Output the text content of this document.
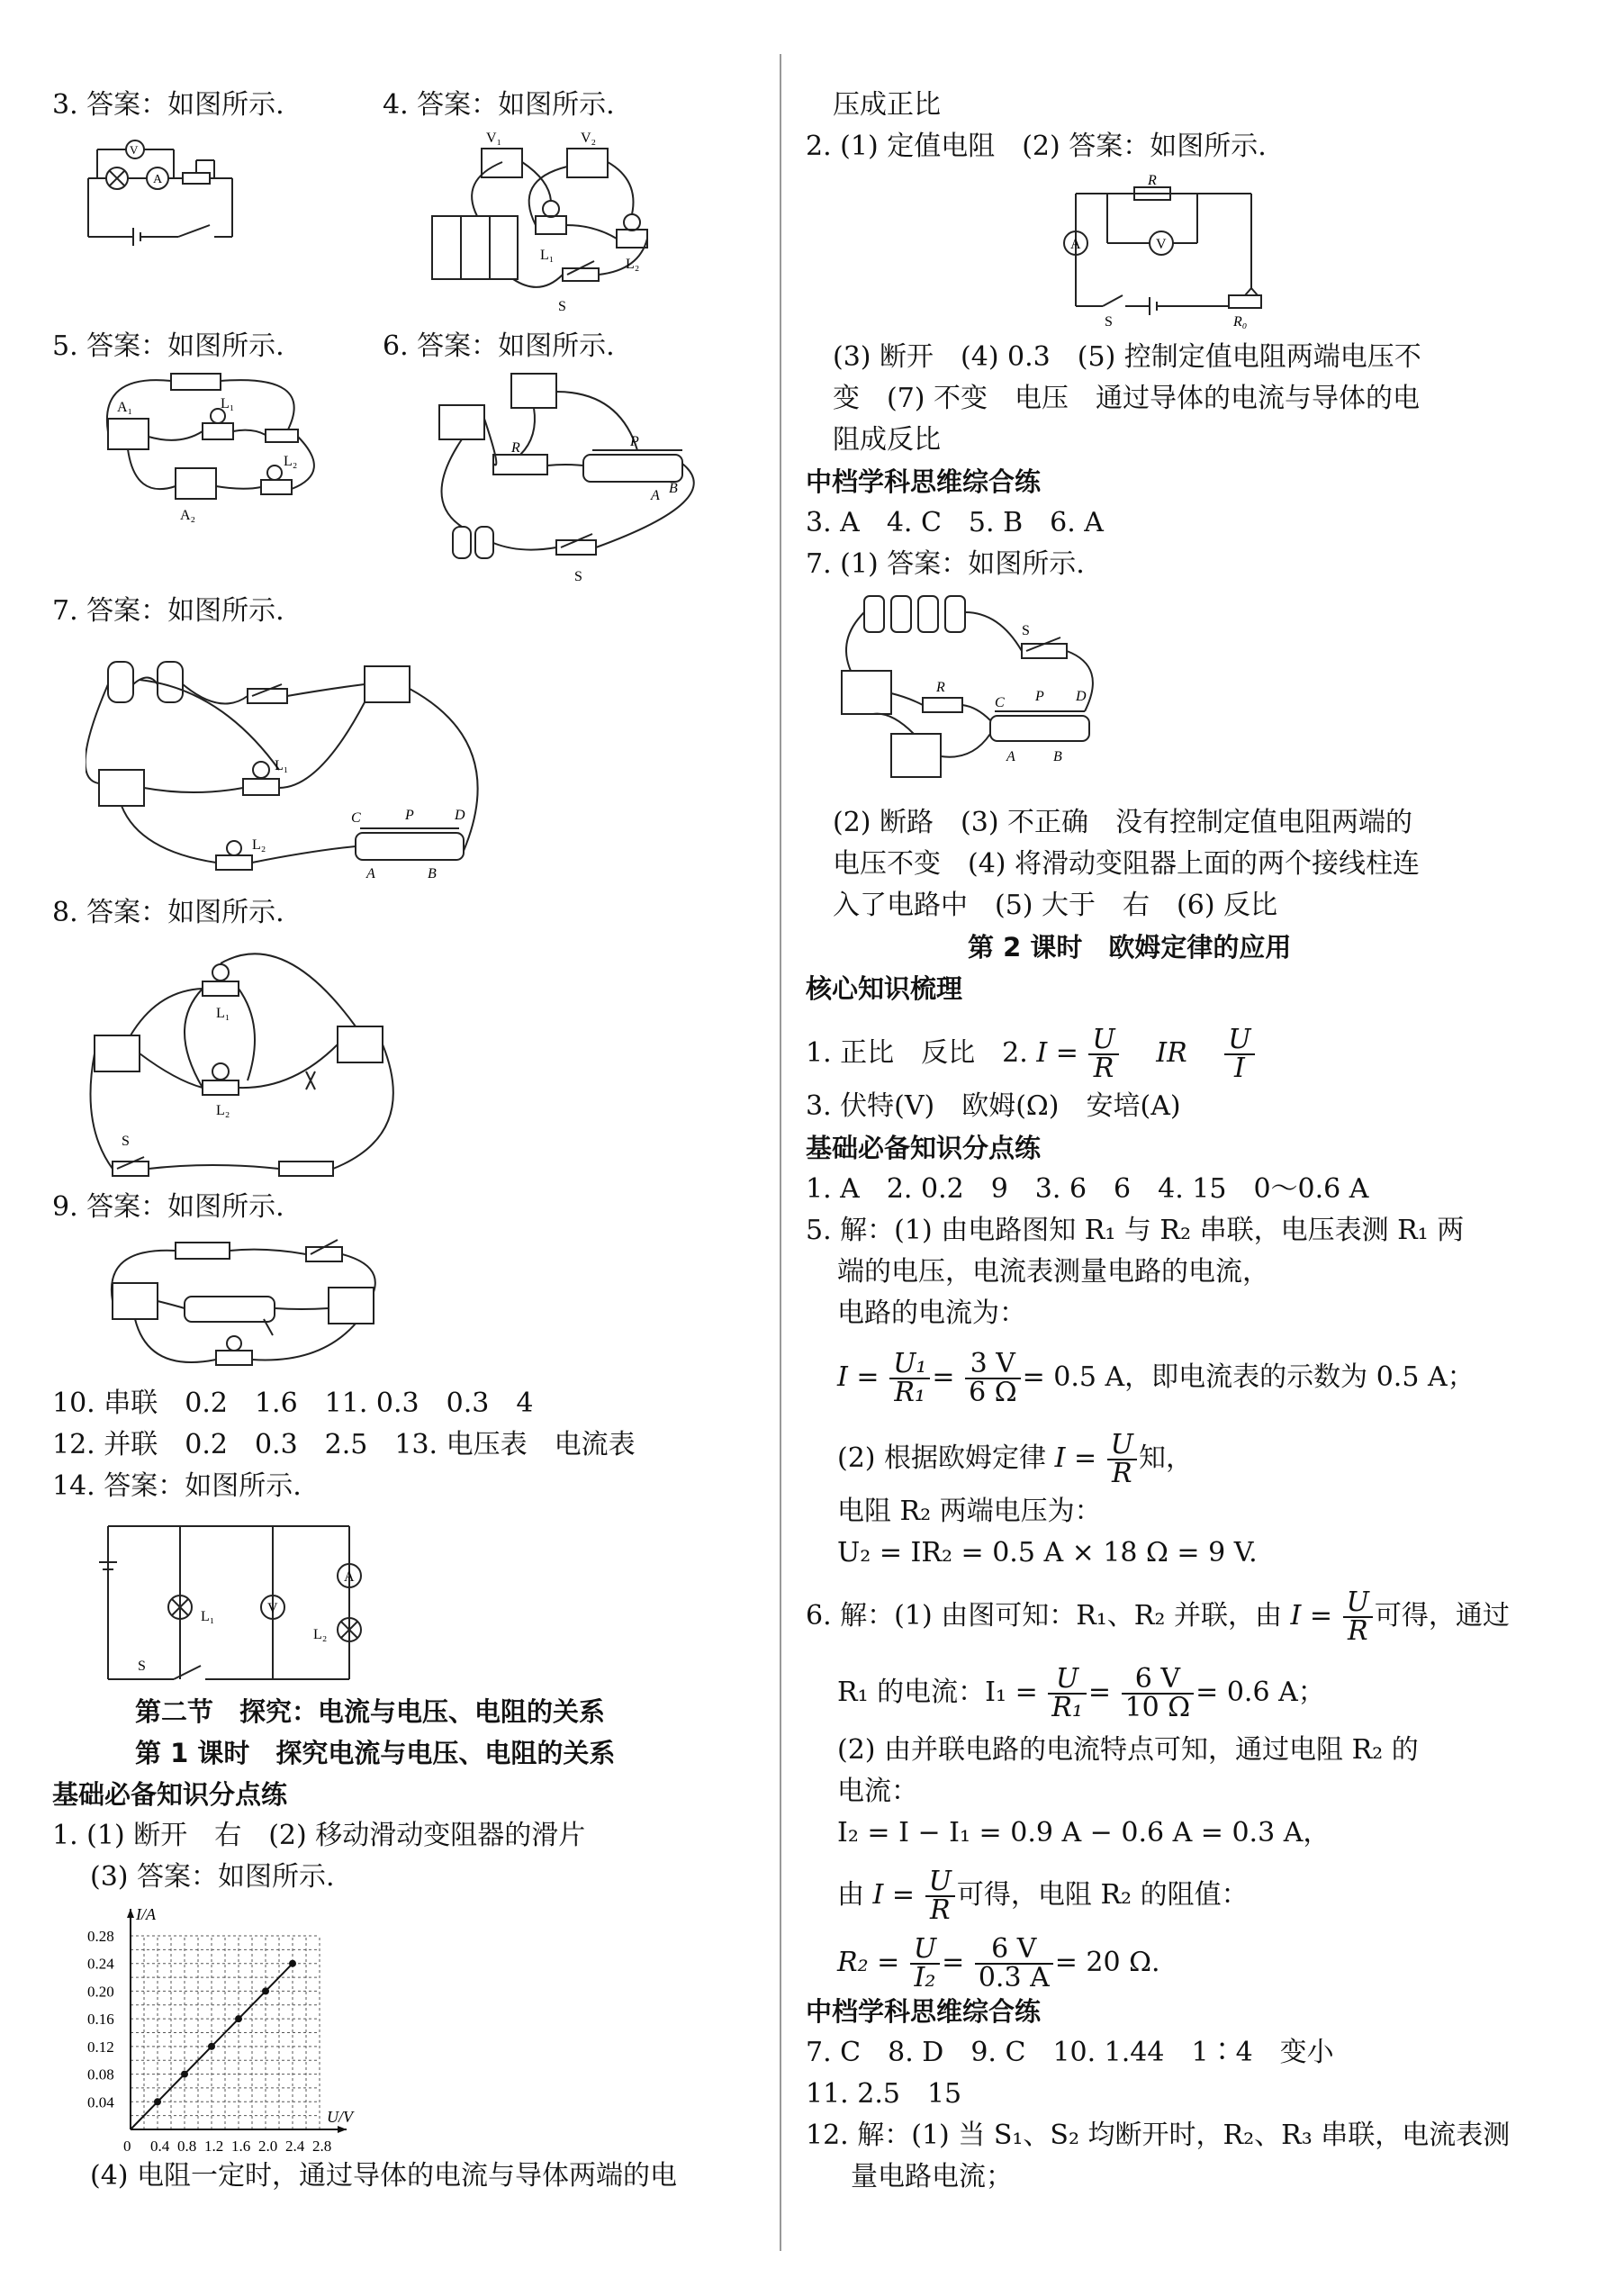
3. 答案：如图所示.	4. 答案：如图所示.
V
A
V₁	V₂
L₁
L₂
S
5. 答案：如图所示.	6. 答案：如图所示.
A₁	L₁
L₂
A₂
R	P
A B
S
7. 答案：如图所示.
L₁
L₂
C	P	D
A	B
8. 答案：如图所示.
L₁
L₂
S
9. 答案：如图所示.
10. 串联　0.2　1.6　11. 0.3　0.3　4
12. 并联　0.2　0.3　2.5　13. 电压表　电流表
14. 答案：如图所示.
L₁
V
A
L₂
S
第二节　探究：电流与电压、电阻的关系
第 1 课时　探究电流与电压、电阻的关系
基础必备知识分点练
1. (1) 断开　右　(2) 移动滑动变阻器的滑片
(3) 答案：如图所示.
I/A
U/V
0 0.4 0.8 1.2 1.6 2.0 2.4 2.8
0.04
0.08
0.12
0.16
0.20
0.24
0.28
(4) 电阻一定时，通过导体的电流与导体两端的电
压成正比
2. (1) 定值电阻　(2) 答案：如图所示.
R
V
A
S	R₀
(3) 断开　(4) 0.3　(5) 控制定值电阻两端电压不
变　(7) 不变　电压　通过导体的电流与导体的电
阻成反比
中档学科思维综合练
3. A　4. C　5. B　6. A
7. (1) 答案：如图所示.
S
R
C P D
A	B
(2) 断路　(3) 不正确　没有控制定值电阻两端的
电压不变　(4) 将滑动变阻器上面的两个接线柱连
入了电路中　(5) 大于　右　(6) 反比
第 2 课时　欧姆定律的应用
核心知识梳理
1. 正比　反比　2. $I = \frac{U}{R}$
　 IR　 $\frac{U}{I}$
3. 伏特(V)　欧姆(Ω)　安培(A)
基础必备知识分点练
1. A　2. 0.2　9　3. 6　6　4. 15　0～0.6 A
5. 解：(1) 由电路图知 R₁ 与 R₂ 串联，电压表测 R₁ 两
端的电压，电流表测量电路的电流，
电路的电流为：
$I = \frac{\text{U₁}}{\text{R₁}} = \frac{3 V}{6 \Omega} = 0.5$ A，即电流表的示数为 0.5 A；
(2) 根据欧姆定律 $I = \frac{U}{R}$ 知，
电阻 R₂ 两端电压为：
U₂ = IR₂ = 0.5 A × 18 Ω = 9 V.
6. 解：(1) 由图可知：R₁、R₂ 并联，由 $I = \frac{U}{R}$ 可得，通过
R₁ 的电流：$I_1 = \frac{U}{\text{R₁}} = \frac{6 V}{10 \Omega} = 0.6$ A；
(2) 由并联电路的电流特点可知，通过电阻 R₂ 的
电流：
I₂ = I − I₁ = 0.9 A − 0.6 A = 0.3 A，
由 $I = \frac{U}{R}$ 可得，电阻 R₂ 的阻值：
$R_2 = \frac{U}{\text{I₂}} = \frac{6 V}{0.3 A} = 20$ Ω.
中档学科思维综合练
7. C　8. D　9. C　10. 1.44　1∶4　变小
11. 2.5　15
12. 解：(1) 当 S₁、S₂ 均断开时，R₂、R₃ 串联，电流表测
量电路电流；
